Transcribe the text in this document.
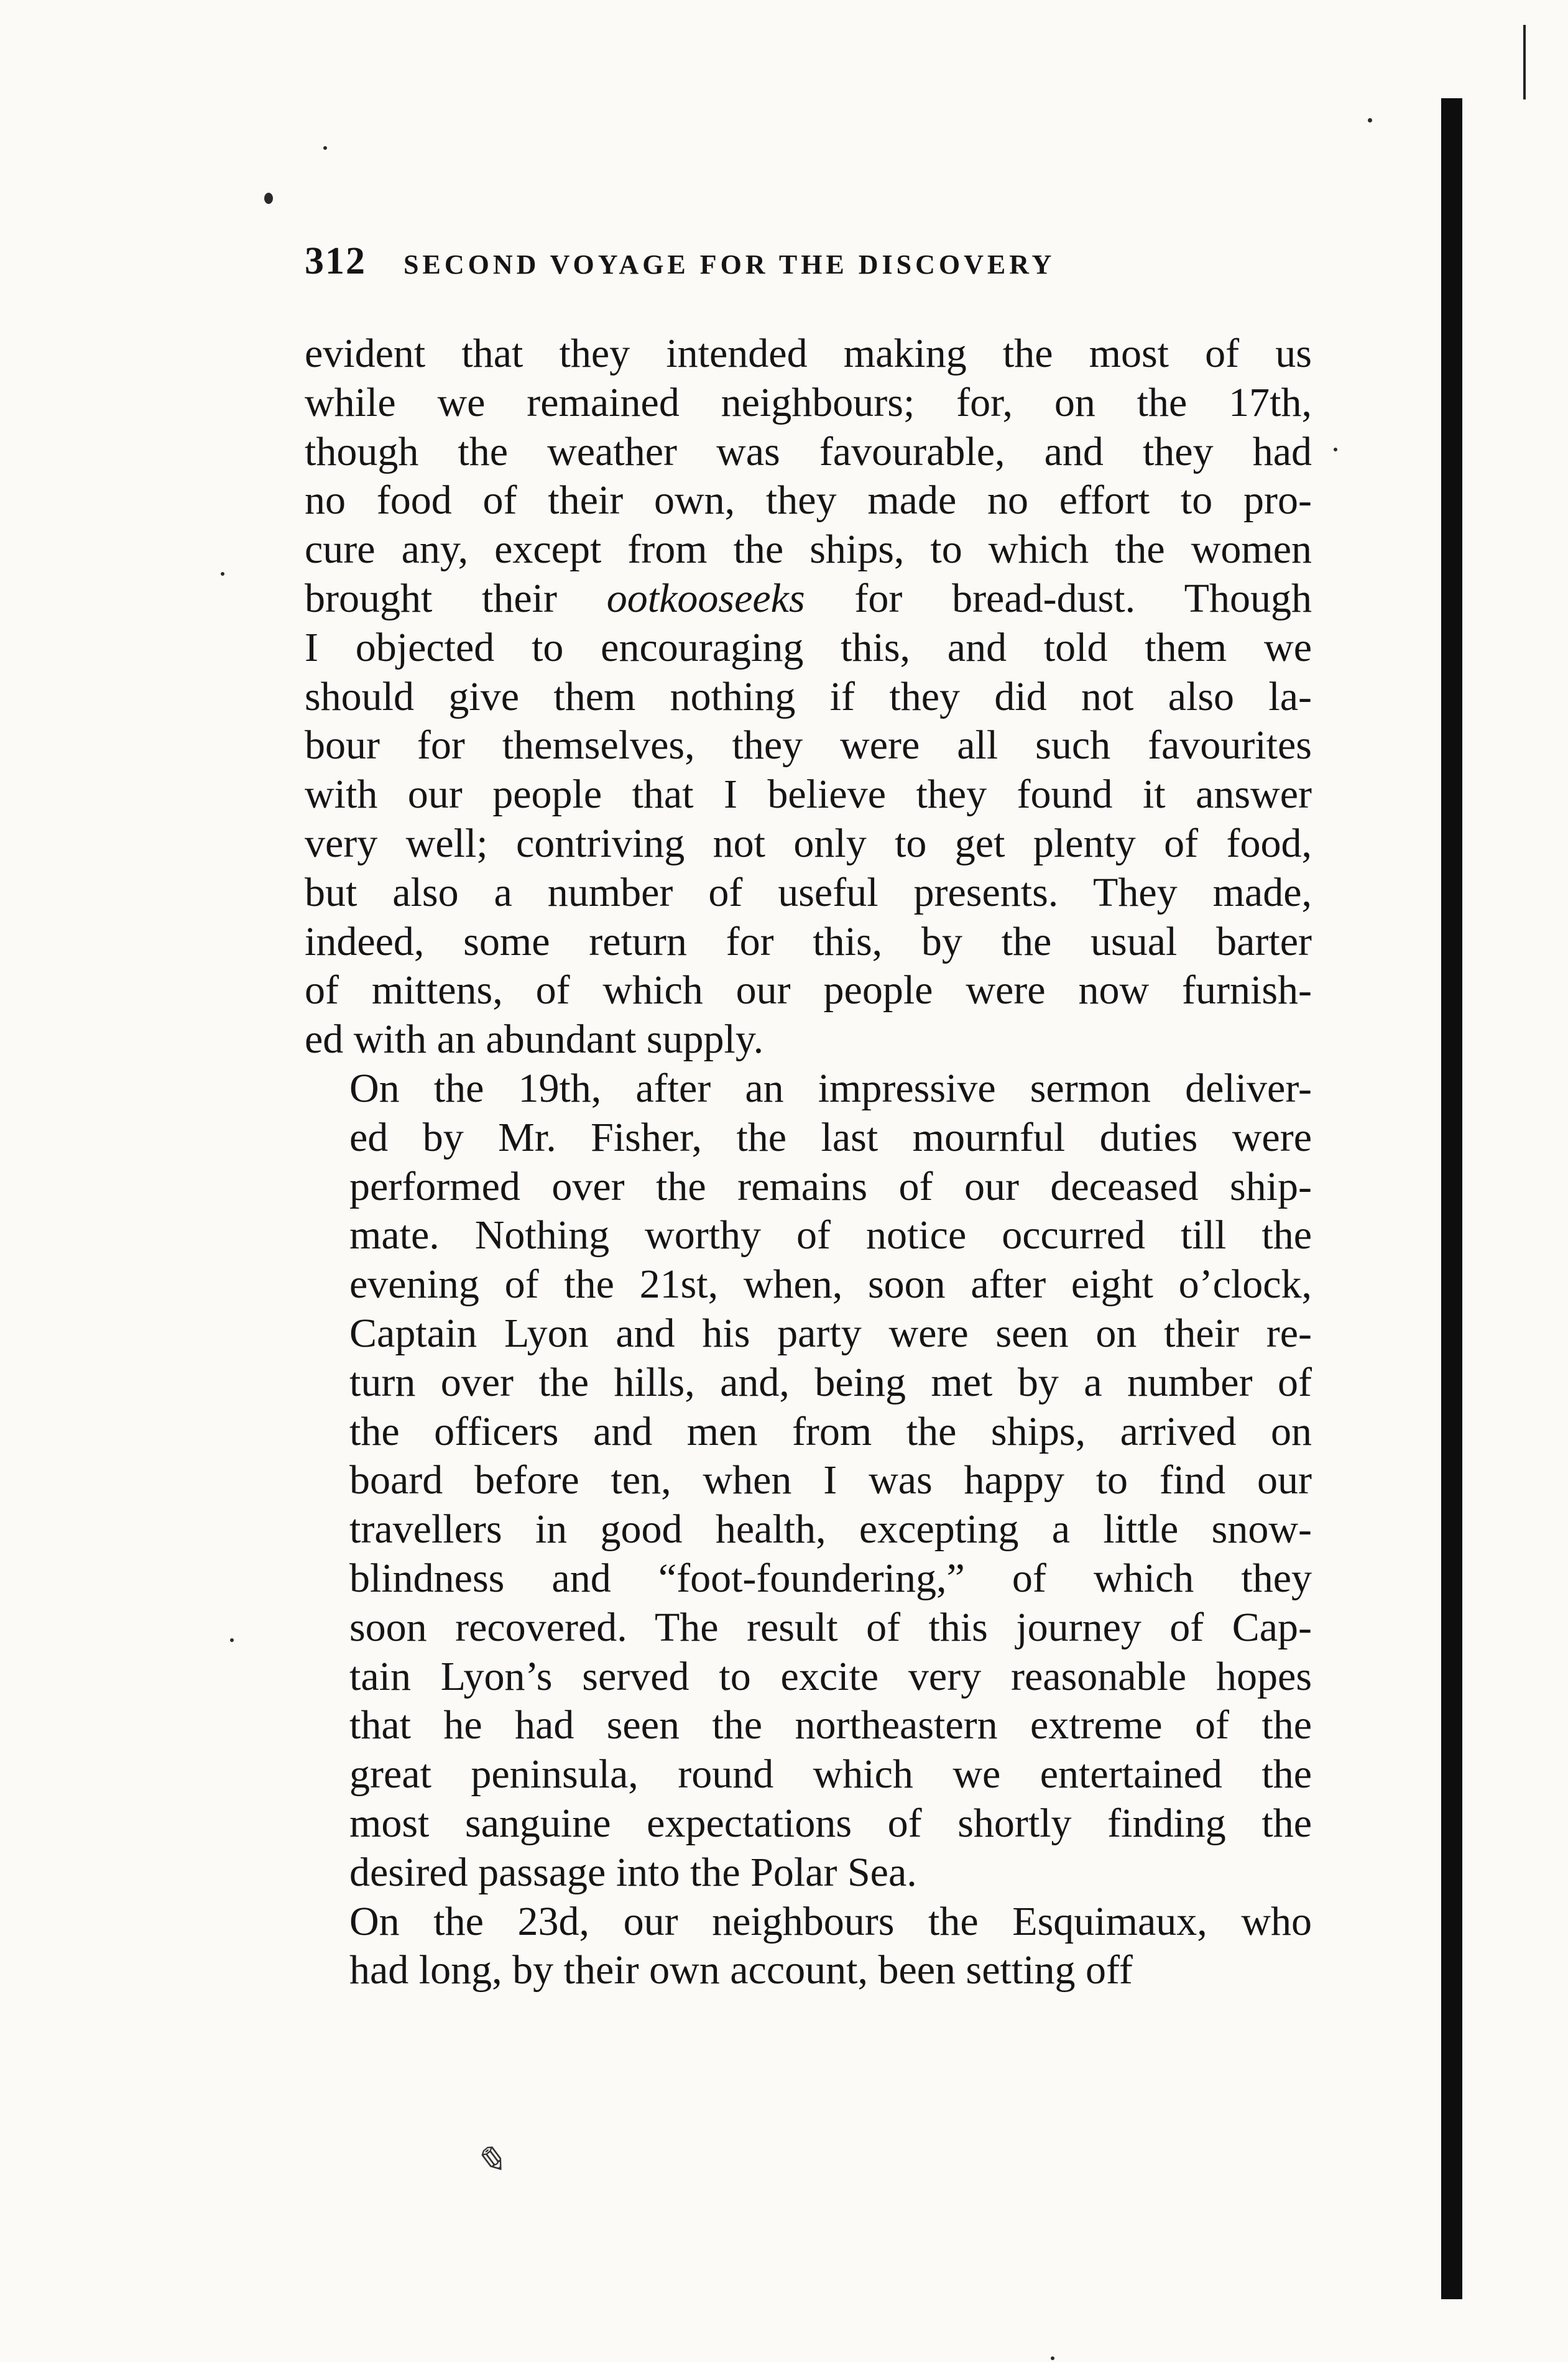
312 SECOND VOYAGE FOR THE DISCOVERY

evident that they intended making the most of us
while we remained neighbours; for, on the 17th,
though the weather was favourable, and they had
no food of their own, they made no effort to pro-
cure any, except from the ships, to which the women
brought their ootkooseeks for bread-dust. Though
I objected to encouraging this, and told them we
should give them nothing if they did not also la-
bour for themselves, they were all such favourites
with our people that I believe they found it answer
very well; contriving not only to get plenty of food,
but also a number of useful presents. They made,
indeed, some return for this, by the usual barter
of mittens, of which our people were now furnish-
ed with an abundant supply.

On the 19th, after an impressive sermon deliver-
ed by Mr. Fisher, the last mournful duties were
performed over the remains of our deceased ship-
mate. Nothing worthy of notice occurred till the
evening of the 21st, when, soon after eight o’clock,
Captain Lyon and his party were seen on their re-
turn over the hills, and, being met by a number of
the officers and men from the ships, arrived on
board before ten, when I was happy to find our
travellers in good health, excepting a little snow-
blindness and “foot-foundering,” of which they
soon recovered. The result of this journey of Cap-
tain Lyon’s served to excite very reasonable hopes
that he had seen the northeastern extreme of the
great peninsula, round which we entertained the
most sanguine expectations of shortly finding the
desired passage into the Polar Sea.

On the 23d, our neighbours the Esquimaux, who
had long, by their own account, been setting off

✎
